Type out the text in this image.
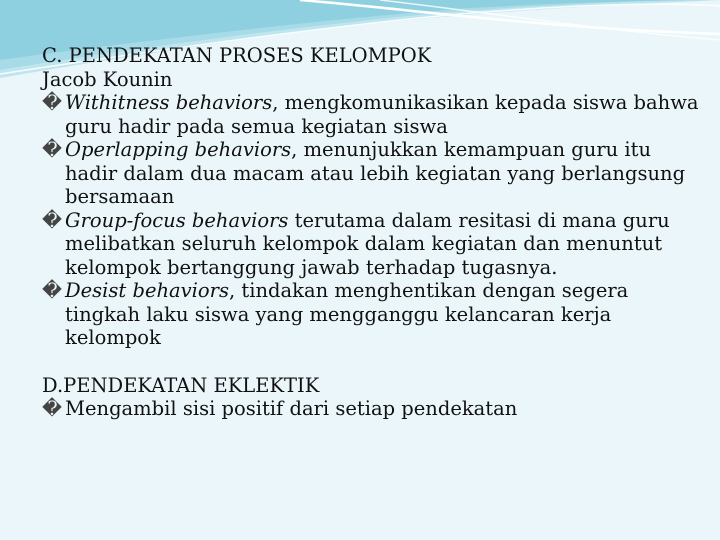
C. PENDEKATAN PROSES KELOMPOK

Jacob Kounin

� Withitness behaviors, mengkomunikasikan kepada siswa bahwa guru hadir pada semua kegiatan siswa

� Operlapping behaviors, menunjukkan kemampuan guru itu hadir dalam dua macam atau lebih kegiatan yang berlangsung bersamaan

� Group-focus behaviors terutama dalam resitasi di mana guru melibatkan seluruh kelompok dalam kegiatan dan menuntut kelompok bertanggung jawab terhadap tugasnya.

� Desist behaviors, tindakan menghentikan dengan segera tingkah laku siswa yang mengganggu kelancaran kerja kelompok

D.PENDEKATAN EKLEKTIK

� Mengambil sisi positif dari setiap pendekatan
